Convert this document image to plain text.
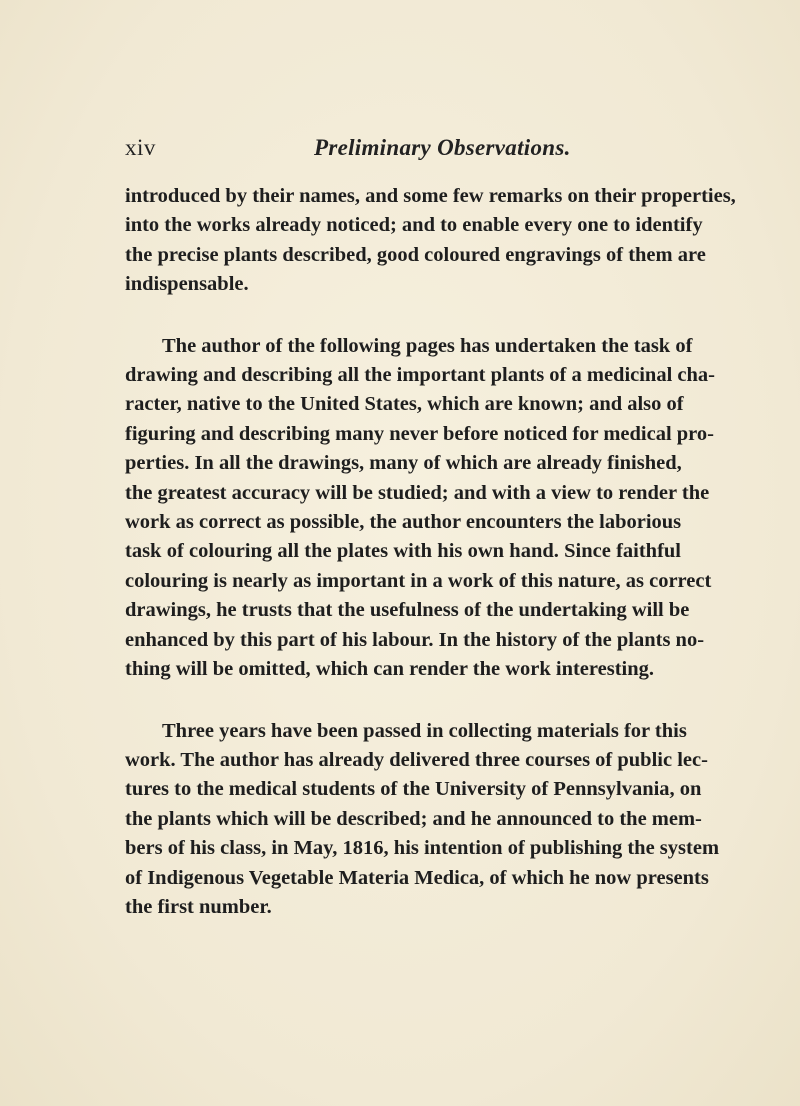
xiv	Preliminary Observations.

introduced by their names, and some few remarks on their properties,
into the works already noticed; and to enable every one to identify
the precise plants described, good coloured engravings of them are
indispensable.

The author of the following pages has undertaken the task of
drawing and describing all the important plants of a medicinal cha-
racter, native to the United States, which are known; and also of
figuring and describing many never before noticed for medical pro-
perties. In all the drawings, many of which are already finished,
the greatest accuracy will be studied; and with a view to render the
work as correct as possible, the author encounters the laborious
task of colouring all the plates with his own hand. Since faithful
colouring is nearly as important in a work of this nature, as correct
drawings, he trusts that the usefulness of the undertaking will be
enhanced by this part of his labour. In the history of the plants no-
thing will be omitted, which can render the work interesting.

Three years have been passed in collecting materials for this
work. The author has already delivered three courses of public lec-
tures to the medical students of the University of Pennsylvania, on
the plants which will be described; and he announced to the mem-
bers of his class, in May, 1816, his intention of publishing the system
of Indigenous Vegetable Materia Medica, of which he now presents
the first number.
